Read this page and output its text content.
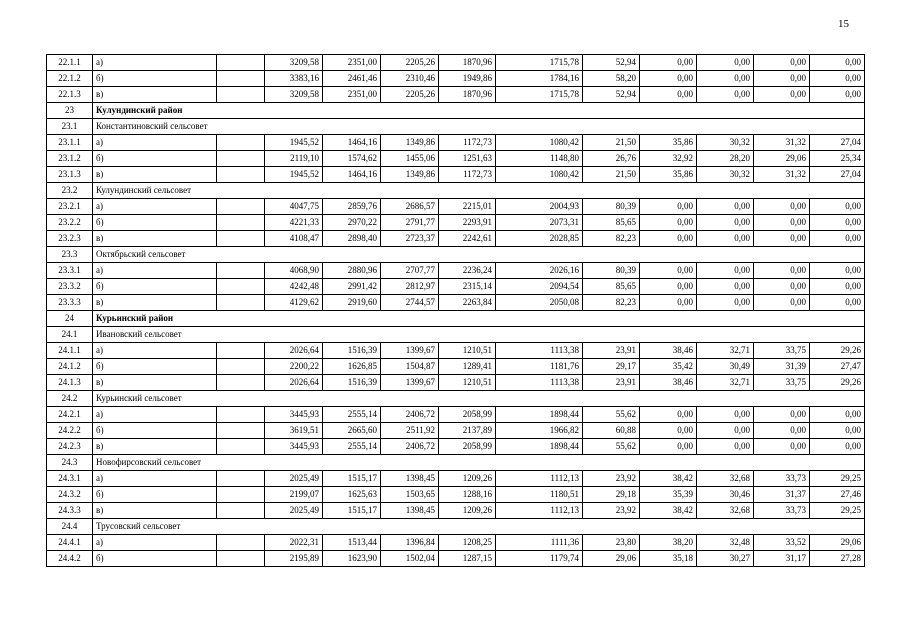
15
22.1.1	а)		3209,58	2351,00	2205,26	1870,96	1715,78	52,94	0,00	0,00	0,00	0,00	
22.1.2	б)		3383,16	2461,46	2310,46	1949,86	1784,16	58,20	0,00	0,00	0,00	0,00	
22.1.3	в)		3209,58	2351,00	2205,26	1870,96	1715,78	52,94	0,00	0,00	0,00	0,00	
23	Кулундинский район												
23.1	Константиновский сельсовет												
23.1.1	а)		1945,52	1464,16	1349,86	1172,73	1080,42	21,50	35,86	30,32	31,32	27,04	
23.1.2	б)		2119,10	1574,62	1455,06	1251,63	1148,80	26,76	32,92	28,20	29,06	25,34	
23.1.3	в)		1945,52	1464,16	1349,86	1172,73	1080,42	21,50	35,86	30,32	31,32	27,04	
23.2	Кулундинский сельсовет												
23.2.1	а)		4047,75	2859,76	2686,57	2215,01	2004,93	80,39	0,00	0,00	0,00	0,00	
23.2.2	б)		4221,33	2970,22	2791,77	2293,91	2073,31	85,65	0,00	0,00	0,00	0,00	
23.2.3	в)		4108,47	2898,40	2723,37	2242,61	2028,85	82,23	0,00	0,00	0,00	0,00	
23.3	Октябрьский сельсовет												
23.3.1	а)		4068,90	2880,96	2707,77	2236,24	2026,16	80,39	0,00	0,00	0,00	0,00	
23.3.2	б)		4242,48	2991,42	2812,97	2315,14	2094,54	85,65	0,00	0,00	0,00	0,00	
23.3.3	в)		4129,62	2919,60	2744,57	2263,84	2050,08	82,23	0,00	0,00	0,00	0,00	
24	Курьинский район												
24.1	Ивановский сельсовет												
24.1.1	а)		2026,64	1516,39	1399,67	1210,51	1113,38	23,91	38,46	32,71	33,75	29,26	
24.1.2	б)		2200,22	1626,85	1504,87	1289,41	1181,76	29,17	35,42	30,49	31,39	27,47	
24.1.3	в)		2026,64	1516,39	1399,67	1210,51	1113,38	23,91	38,46	32,71	33,75	29,26	
24.2	Курьинский сельсовет												
24.2.1	а)		3445,93	2555,14	2406,72	2058,99	1898,44	55,62	0,00	0,00	0,00	0,00	
24.2.2	б)		3619,51	2665,60	2511,92	2137,89	1966,82	60,88	0,00	0,00	0,00	0,00	
24.2.3	в)		3445,93	2555,14	2406,72	2058,99	1898,44	55,62	0,00	0,00	0,00	0,00	
24.3	Новофирсовский сельсовет												
24.3.1	а)		2025,49	1515,17	1398,45	1209,26	1112,13	23,92	38,42	32,68	33,73	29,25	
24.3.2	б)		2199,07	1625,63	1503,65	1288,16	1180,51	29,18	35,39	30,46	31,37	27,46	
24.3.3	в)		2025,49	1515,17	1398,45	1209,26	1112,13	23,92	38,42	32,68	33,73	29,25	
24.4	Трусовский сельсовет												
24.4.1	а)		2022,31	1513,44	1396,84	1208,25	1111,36	23,80	38,20	32,48	33,52	29,06	
24.4.2	б)		2195,89	1623,90	1502,04	1287,15	1179,74	29,06	35,18	30,27	31,17	27,28	
